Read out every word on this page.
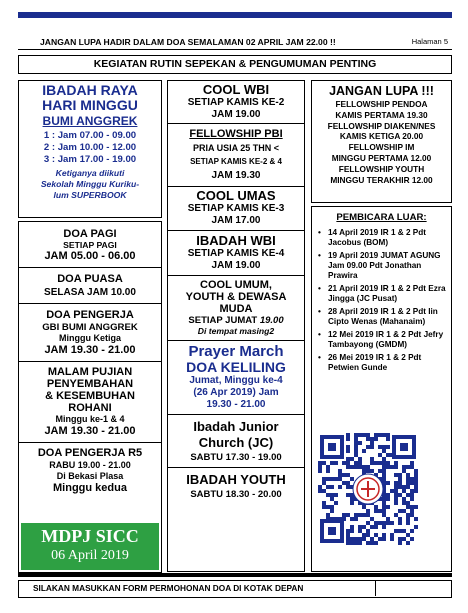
JANGAN LUPA HADIR DALAM DOA SEMALAMAN 02 APRIL JAM 22.00 !!	Halaman 5
KEGIATAN RUTIN SEPEKAN & PENGUMUMAN PENTING
IBADAH RAYA
HARI MINGGU
BUMI ANGGREK
1 : Jam 07.00 - 09.00
2 : Jam 10.00 - 12.00
3 : Jam 17.00 - 19.00
Ketiganya diikuti
Sekolah Minggu Kuriku-
lum SUPERBOOK
DOA PAGI
SETIAP PAGI
JAM 05.00 - 06.00
DOA PUASA
SELASA JAM 10.00
DOA PENGERJA
GBI BUMI ANGGREK
Minggu Ketiga
JAM 19.30 - 21.00
MALAM PUJIAN
PENYEMBAHAN
& KESEMBUHAN
ROHANI
Minggu ke-1 & 4
JAM 19.30 - 21.00
DOA PENGERJA R5
RABU 19.00 - 21.00
Di Bekasi Plasa
Minggu kedua
MDPJ SICC
06 April 2019
COOL WBI
SETIAP KAMIS KE-2
JAM 19.00
FELLOWSHIP PBI
PRIA USIA 25 THN <
SETIAP KAMIS KE-2 & 4
JAM 19.30
COOL UMAS
SETIAP KAMIS KE-3
JAM 17.00
IBADAH WBI
SETIAP KAMIS KE-4
JAM 19.00
COOL UMUM,
YOUTH & DEWASA
MUDA
SETIAP JUMAT 19.00
Di tempat masing2
Prayer March
DOA KELILING
Jumat, Minggu ke-4
(26 Apr 2019) Jam
19.30 - 21.00
Ibadah Junior
Church (JC)
SABTU 17.30 - 19.00
IBADAH YOUTH
SABTU 18.30 - 20.00
JANGAN LUPA !!!
FELLOWSHIP PENDOA
KAMIS PERTAMA 19.30
FELLOWSHIP DIAKEN/NES
KAMIS KETIGA 20.00
FELLOWSHIP IM
MINGGU PERTAMA 12.00
FELLOWSHIP YOUTH
MINGGU TERAKHIR 12.00
PEMBICARA LUAR:
• 14 April 2019 IR 1 & 2 Pdt Jacobus (BOM)
• 19 April 2019 JUMAT AGUNG Jam 09.00 Pdt Jonathan Prawira
• 21 April 2019 IR 1 & 2 Pdt Ezra Jingga (JC Pusat)
• 28 April 2019 IR 1 & 2 Pdt Iin Cipto Wenas (Mahanaim)
• 12 Mei 2019 IR 1 & 2 Pdt Jefry Tambayong (GMDM)
• 26 Mei 2019 IR 1 & 2 Pdt Petwien Gunde
SILAKAN MASUKKAN FORM PERMOHONAN DOA DI KOTAK DEPAN
